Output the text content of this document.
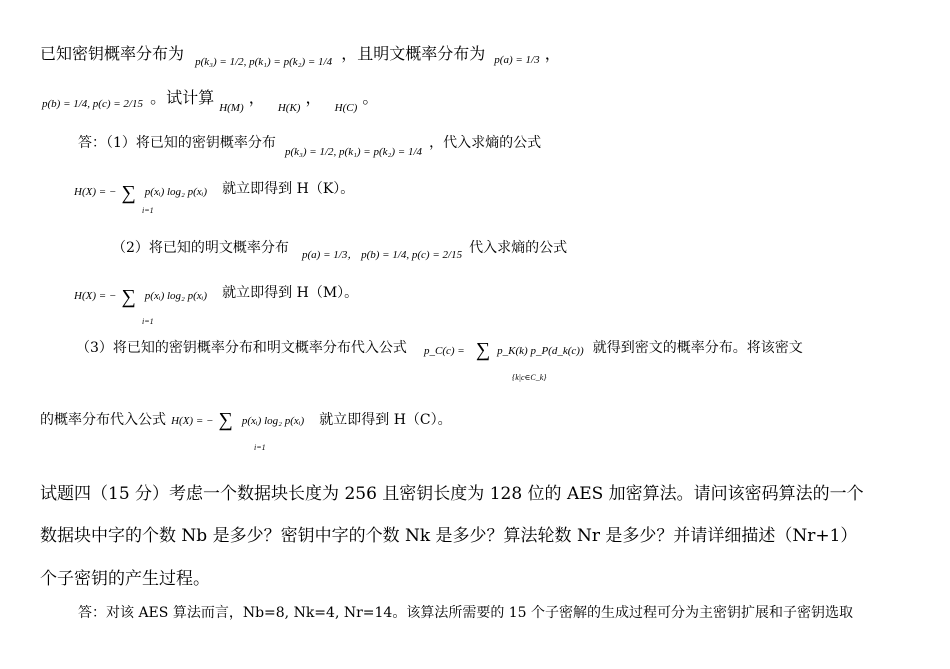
已知密钥概率分布为 p(k₃) = 1/2, p(k₁) = p(k₂) = 1/4 ，且明文概率分布为 p(a) = 1/3 ，
p(b) = 1/4, p(c) = 2/15 。试计算 H(M) ， H(K) ， H(C) 。
答：（1）将已知的密钥概率分布 p(k₃) = 1/2, p(k₁) = p(k₂) = 1/4 ，代入求熵的公式
H(X) = − ∑ p(xᵢ) log₂ p(xᵢ) 就立即得到 H（K）。
i=1
（2）将已知的明文概率分布 p(a) = 1/3， p(b) = 1/4, p(c) = 2/15 代入求熵的公式
H(X) = − ∑ p(xᵢ) log₂ p(xᵢ) 就立即得到 H（M）。
i=1
（3）将已知的密钥概率分布和明文概率分布代入公式 p_C(c) = ∑ p_K(k) p_P(d_k(c)) 就得到密文的概率分布。将该密文
{k|c∈C_k}
的概率分布代入公式 H(X) = − ∑ p(xᵢ) log₂ p(xᵢ) 就立即得到 H（C）。
i=1
试题四（15 分）考虑一个数据块长度为 256 且密钥长度为 128 位的 AES 加密算法。请问该密码算法的一个
数据块中字的个数 Nb 是多少？密钥中字的个数 Nk 是多少？算法轮数 Nr 是多少？并请详细描述（Nr+1）
个子密钥的产生过程。
答：对该 AES 算法而言，Nb=8, Nk=4, Nr=14。该算法所需要的 15 个子密解的生成过程可分为主密钥扩展和子密钥选取
